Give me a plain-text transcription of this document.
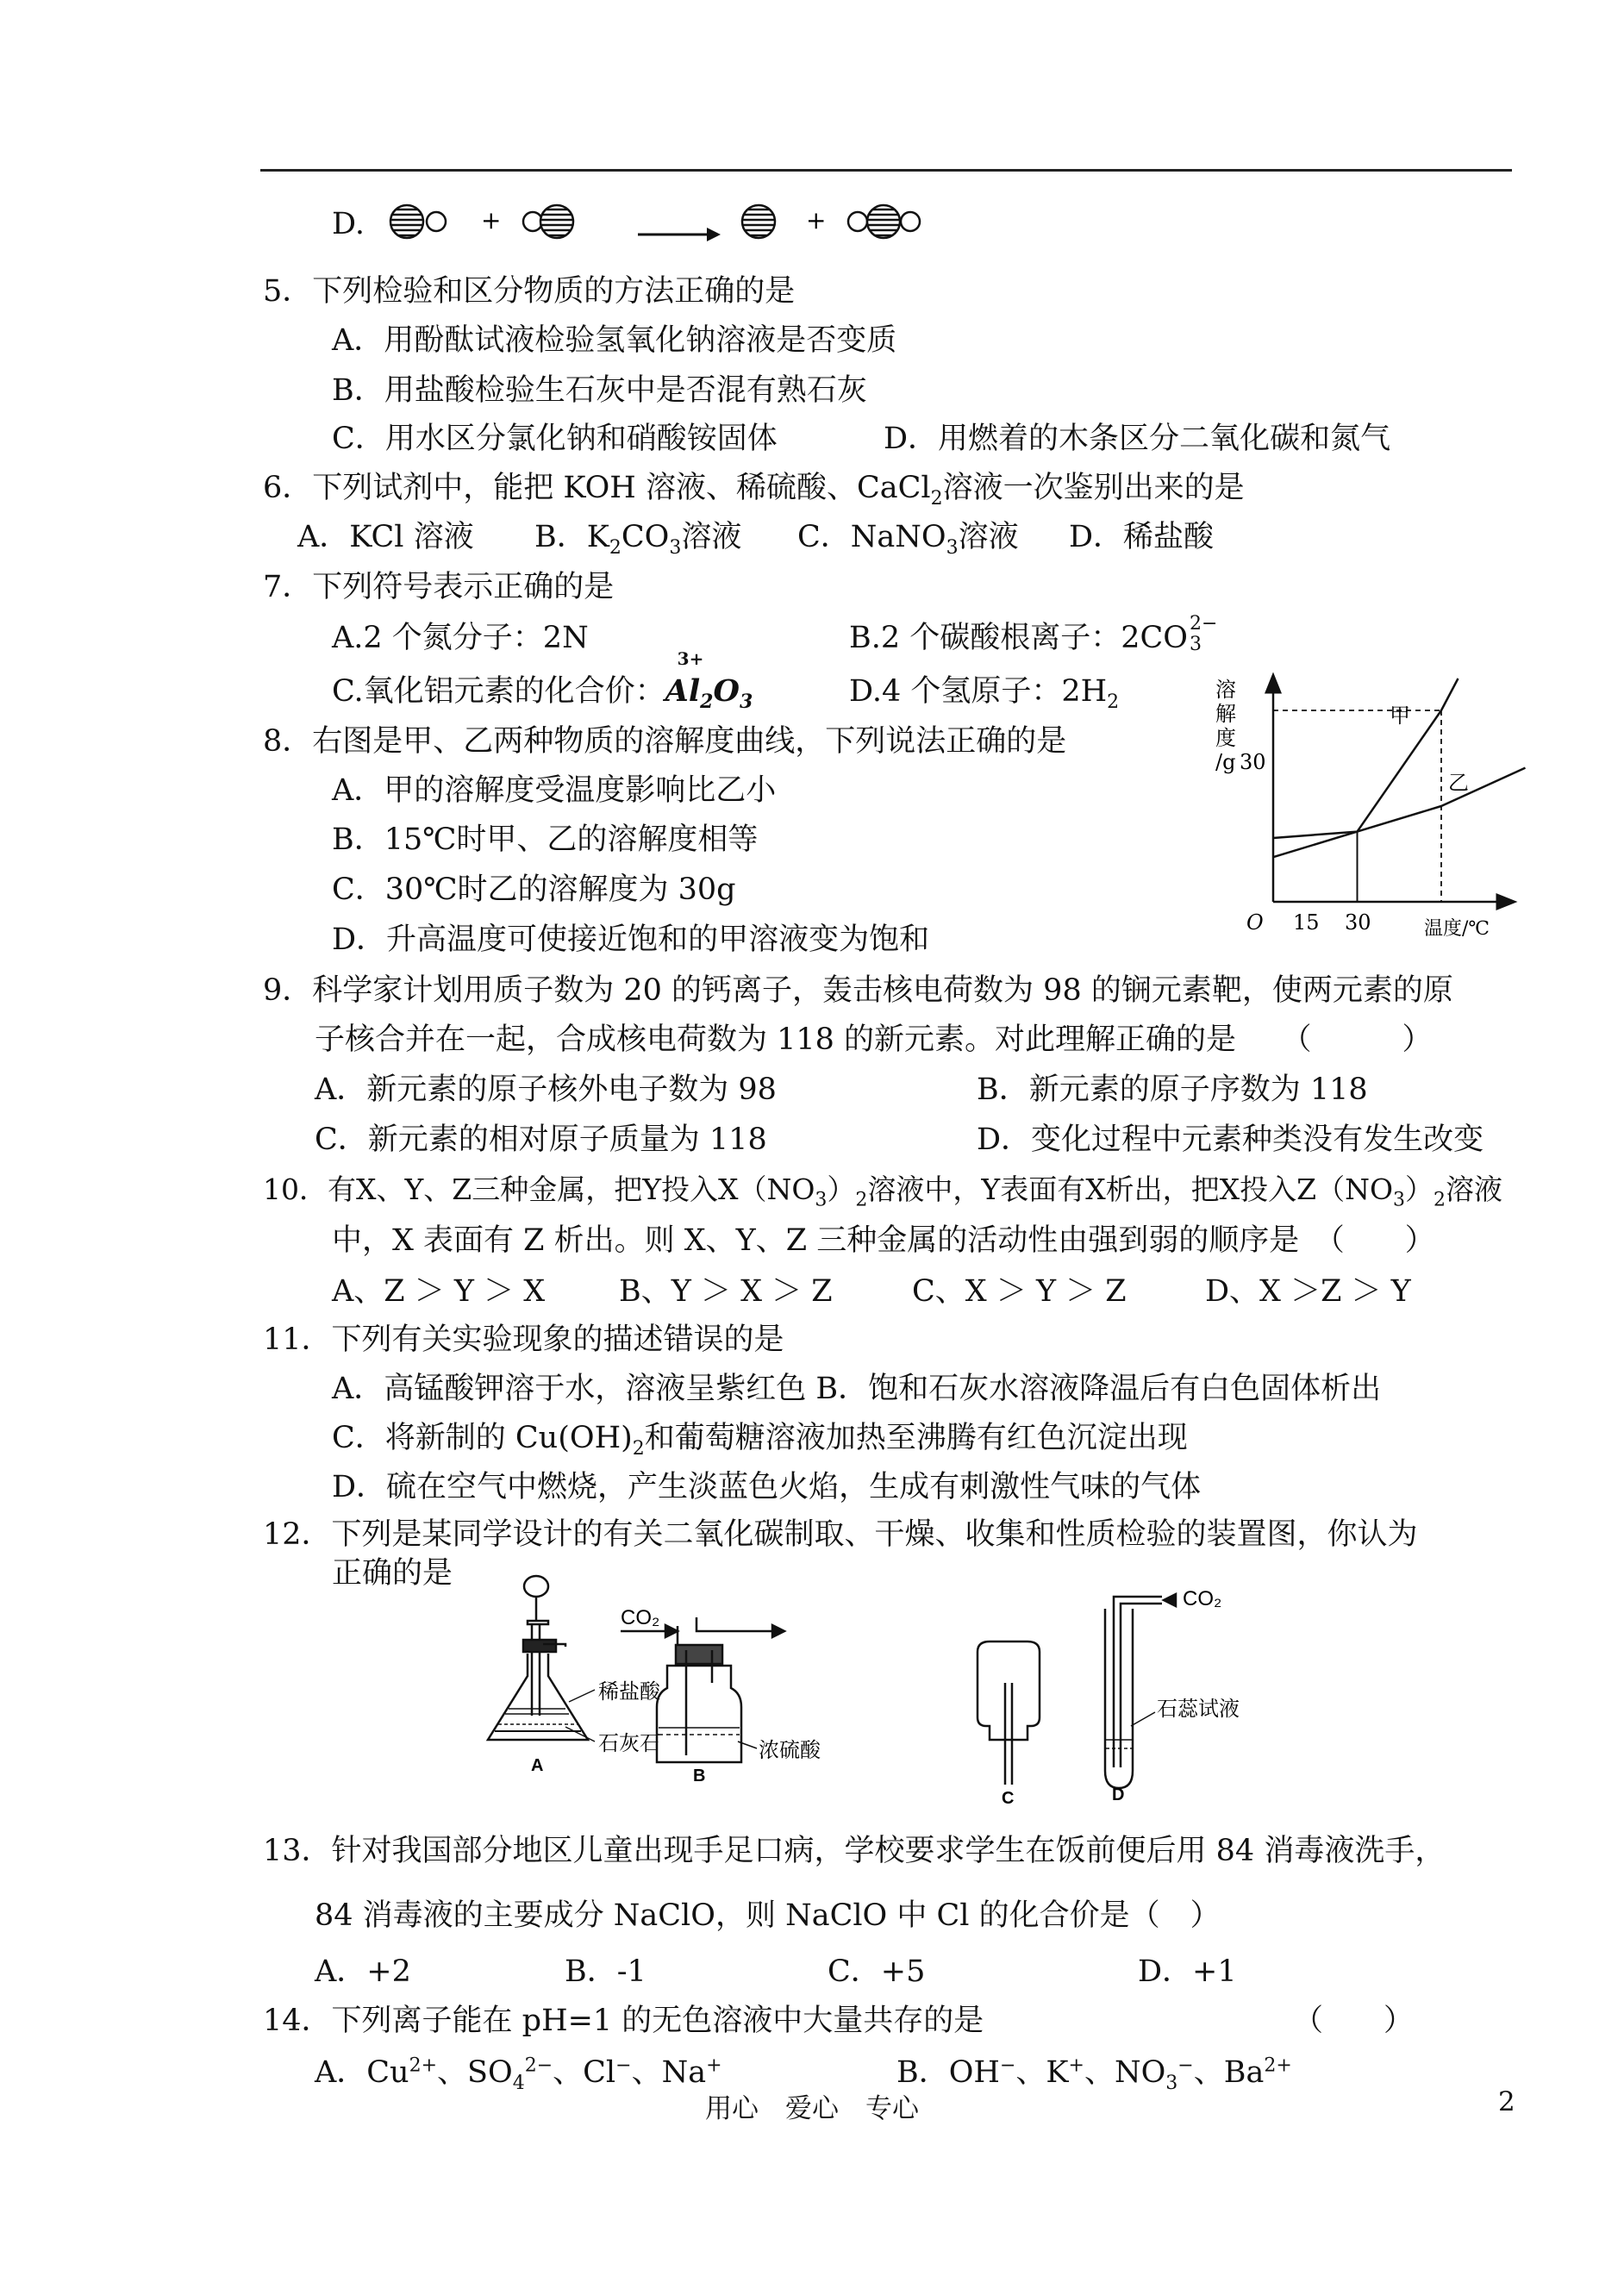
D.	+	+
5．下列检验和区分物质的方法正确的是
A．用酚酞试液检验氢氧化钠溶液是否变质
B．用盐酸检验生石灰中是否混有熟石灰
C．用水区分氯化钠和硝酸铵固体	D．用燃着的木条区分二氧化碳和氮气
6．下列试剂中，能把 KOH 溶液、稀硫酸、CaCl$_2$溶液一次鉴别出来的是
A．KCl 溶液 B．$K_2CO_3$溶液 C．NaNO$_3$溶液 D．稀盐酸
7．下列符号表示正确的是
A.2 个氮分子：2N	B.2 个碳酸根离子：2CO 2−
3
C.氧化铝元素的化合价：
3+
$Al_2O_3$	D.4 个氢原子：$2H_2$
8．右图是甲、乙两种物质的溶解度曲线，下列说法正确的是
A．甲的溶解度受温度影响比乙小
B．15℃时甲、乙的溶解度相等
C．30℃时乙的溶解度为 30g
D．升高温度可使接近饱和的甲溶液变为饱和
溶
解
度
/g 30
O 15 30	温度/℃
甲
乙
9．科学家计划用质子数为 20 的钙离子，轰击核电荷数为 98 的锎元素靶，使两元素的原
子核合并在一起，合成核电荷数为 118 的新元素。对此理解正确的是　　（　　　）
A．新元素的原子核外电子数为 98	B．新元素的原子序数为 118
C．新元素的相对原子质量为 118	D．变化过程中元素种类没有发生改变
10．有X、Y、Z三种金属，把Y投入$X(NO_3)_2$溶液中，Y表面有X析出，把X投入$Z(NO_3)_2$溶液
中，X 表面有 Z 析出。则 X、Y、Z 三种金属的活动性由强到弱的顺序是　（　　）
A、Z ＞ Y ＞ X B、Y ＞ X ＞ Z	C、X ＞ Y ＞ Z	D、X ＞Z ＞ Y
11．下列有关实验现象的描述错误的是
A．高锰酸钾溶于水，溶液呈紫红色 B．饱和石灰水溶液降温后有白色固体析出
C．将新制的 $Cu(OH)_2$和葡萄糖溶液加热至沸腾有红色沉淀出现
D．硫在空气中燃烧，产生淡蓝色火焰，生成有刺激性气味的气体
12．下列是某同学设计的有关二氧化碳制取、干燥、收集和性质检验的装置图，你认为
正确的是
稀盐酸
石灰石
A
CO₂
浓硫酸
B
C
CO₂
石蕊试液
D
13．针对我国部分地区儿童出现手足口病，学校要求学生在饭前便后用 84 消毒液洗手，
84 消毒液的主要成分 NaClO，则 NaClO 中 Cl 的化合价是（　）
A．+2	B．-1	C．+5	D．+1
14．下列离子能在 pH=1 的无色溶液中大量共存的是	（　　）
A．$Cu^{2+}$、$SO_4^{2-}$、Cl−、Na+	B．OH−、K+、$NO_3^-$、$Ba^{2+}$
用心　爱心　专心	2
